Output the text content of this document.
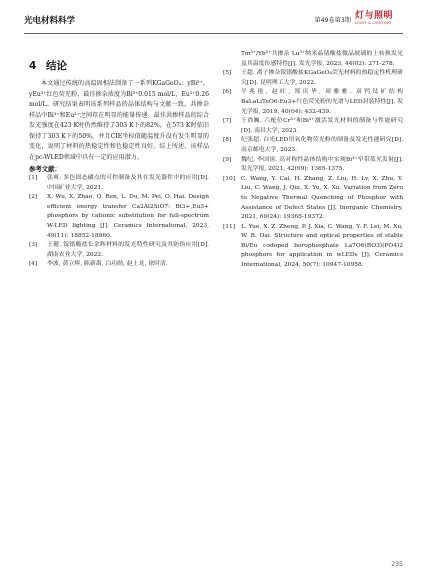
光电材料科学	第49卷第3期 灯与照明
LIGHT & LIGHTING
4 结论

本文通过传统的高温固相法制备了一系列KGaGeO₄：yBi³⁺，yEu³⁺红色荧光粉，最佳掺杂浓度为Bi³⁺0.015 mol/L，Eu³⁺0.26 mol/L。研究结果表明该系列样品的晶体结构与文献一致。共掺杂样品中Bi³⁺和Eu³⁺之间存在明显的能量传递。最佳共掺样品的综合发光强度在423 K时仍然维持了303 K下的82%，在573 K时依旧保持了303 K下的50%，并且CIE坐标值随温度升没有发生明显的变化，说明了材料的热稳定性和色稳定性良好。综上所述，该样品在pc-WLED领域中具有一定的应用潜力。

参考文献：
[1]	张爽. 多色固态磷点的可控制备及其在发光器件中的应用[D]. 中国矿业大学, 2021.
[2]	X. Wu, X. Zhao, Q. Ren, L. Du, M. Pei, O. Hai. Design efficient energy transfer Ca2Al2SiO7: Bi3+,Eu3+ phosphors by cationic substitution for full-spectrum W-LED lighting [J]. Ceramics International, 2023, 49(11): 18852-18860.
[3]	王健. 镓锗酸盐长余辉材料的发光特性研究及其防伪应用[D]. 湖南农业大学, 2022.
[4]	李波, 黄立辉, 陈新禹, 白功勋, 赵士龙, 徐时清.
Tm³⁺/Yb³⁺共掺杂 Lu³⁺纳米晶锗酸盐微晶玻璃的上转换发光及其温度传感特性[J]. 发光学报, 2023, 44(02): 271-278.
[5]	王超. 离子掺杂镓锗酸盐KGaGeO₄荧光材料的热稳定性机理研究[D]. 昆明理工大学, 2022.
[6]	平兆艳, 赵旺, 郑庆华, 周雅雅. 双钙钛矿结构BaLaLiTeO6:Eu3+红色荧光粉的光谱与LED封装特性[J]. 发光学报, 2019, 40(04): 432-439.
[7]	王尚巍. 六配位Cr³⁺和Bi³⁺激活发光材料的制备与性能研究[D]. 南昌大学, 2023.
[8]	纪张超. 白光LED用氧化物荧光粉的制备及发光性能研究[D]. 南京邮电大学, 2023.
[9]	魏纪, 李国岗. 高对称性晶体结构中实现Bi³⁺窄带蓝光发射[J]. 发光学报, 2021, 42(09): 1365-1375.
[10]	C. Wang, Y. Cai, H. Zhang, Z. Liu, H. Lv, X. Zhu, Y. Liu, C. Wang, J. Qiu, X. Yu, X. Xu. Variation from Zero to Negative Thermal Quenching of Phosphor with Assistance of Defect States [J]. Inorganic Chemistry, 2021, 60(24): 19365-19372.
[11]	L. Yue, X. Z. Zheng, P. J. Xia, C. Wang, Y. F. Lei, M. Xu, W. B. Dai. Structure and optical properties of stable Bi/Eu codoped borophosphate La7O6(BO3)(PO4)2 phosphors for application in wLEDs [J]. Ceramics International, 2024, 50(7): 10947-10958.
235
